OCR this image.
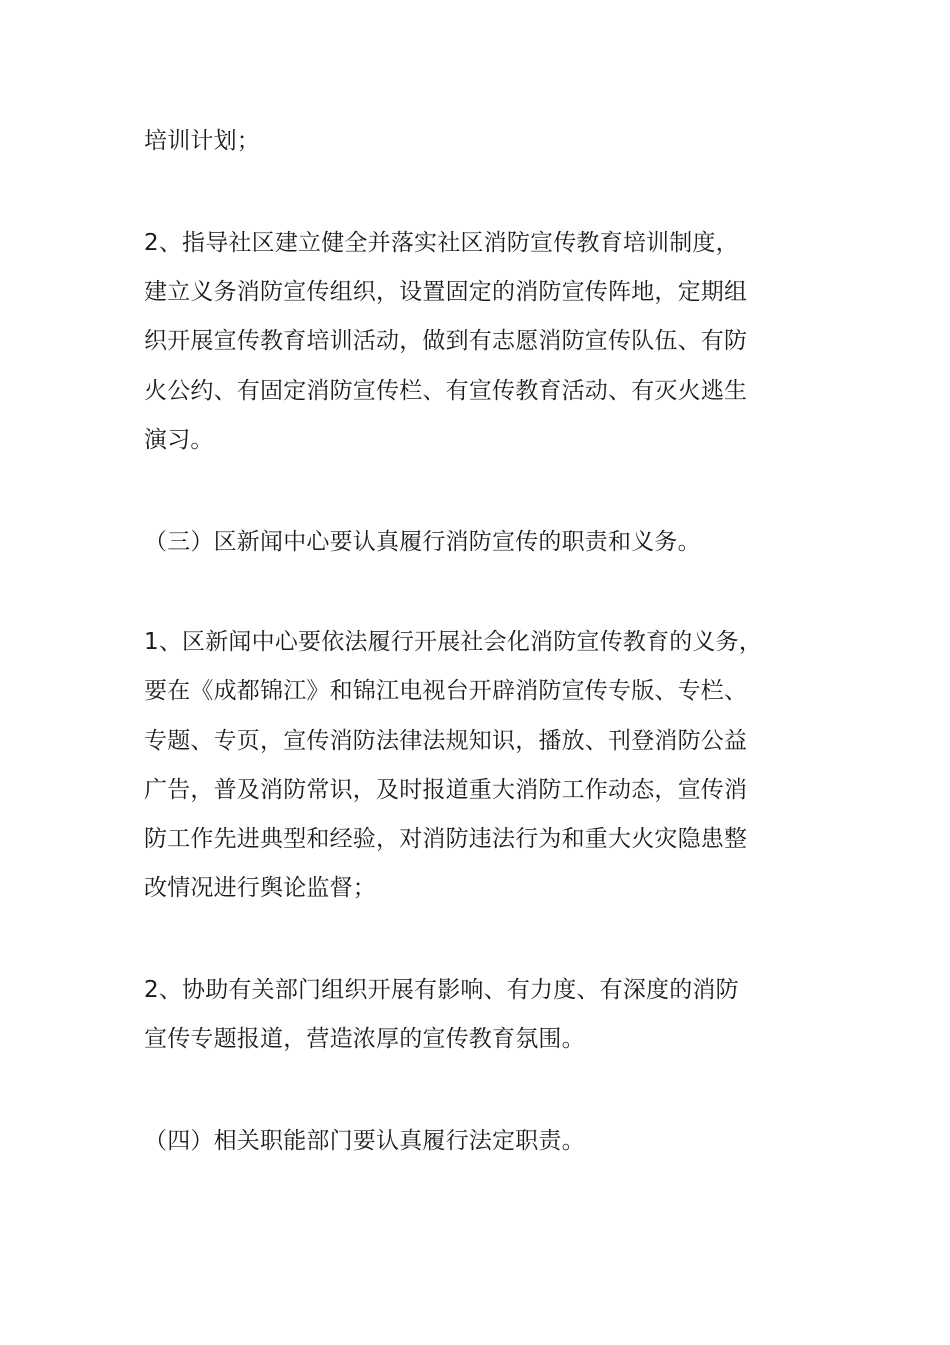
培训计划；
2、指导社区建立健全并落实社区消防宣传教育培训制度，
建立义务消防宣传组织，设置固定的消防宣传阵地，定期组
织开展宣传教育培训活动，做到有志愿消防宣传队伍、有防
火公约、有固定消防宣传栏、有宣传教育活动、有灭火逃生
演习。
（三）区新闻中心要认真履行消防宣传的职责和义务。
1、区新闻中心要依法履行开展社会化消防宣传教育的义务，
要在《成都锦江》和锦江电视台开辟消防宣传专版、专栏、
专题、专页，宣传消防法律法规知识，播放、刊登消防公益
广告，普及消防常识，及时报道重大消防工作动态，宣传消
防工作先进典型和经验，对消防违法行为和重大火灾隐患整
改情况进行舆论监督；
2、协助有关部门组织开展有影响、有力度、有深度的消防
宣传专题报道，营造浓厚的宣传教育氛围。
（四）相关职能部门要认真履行法定职责。
